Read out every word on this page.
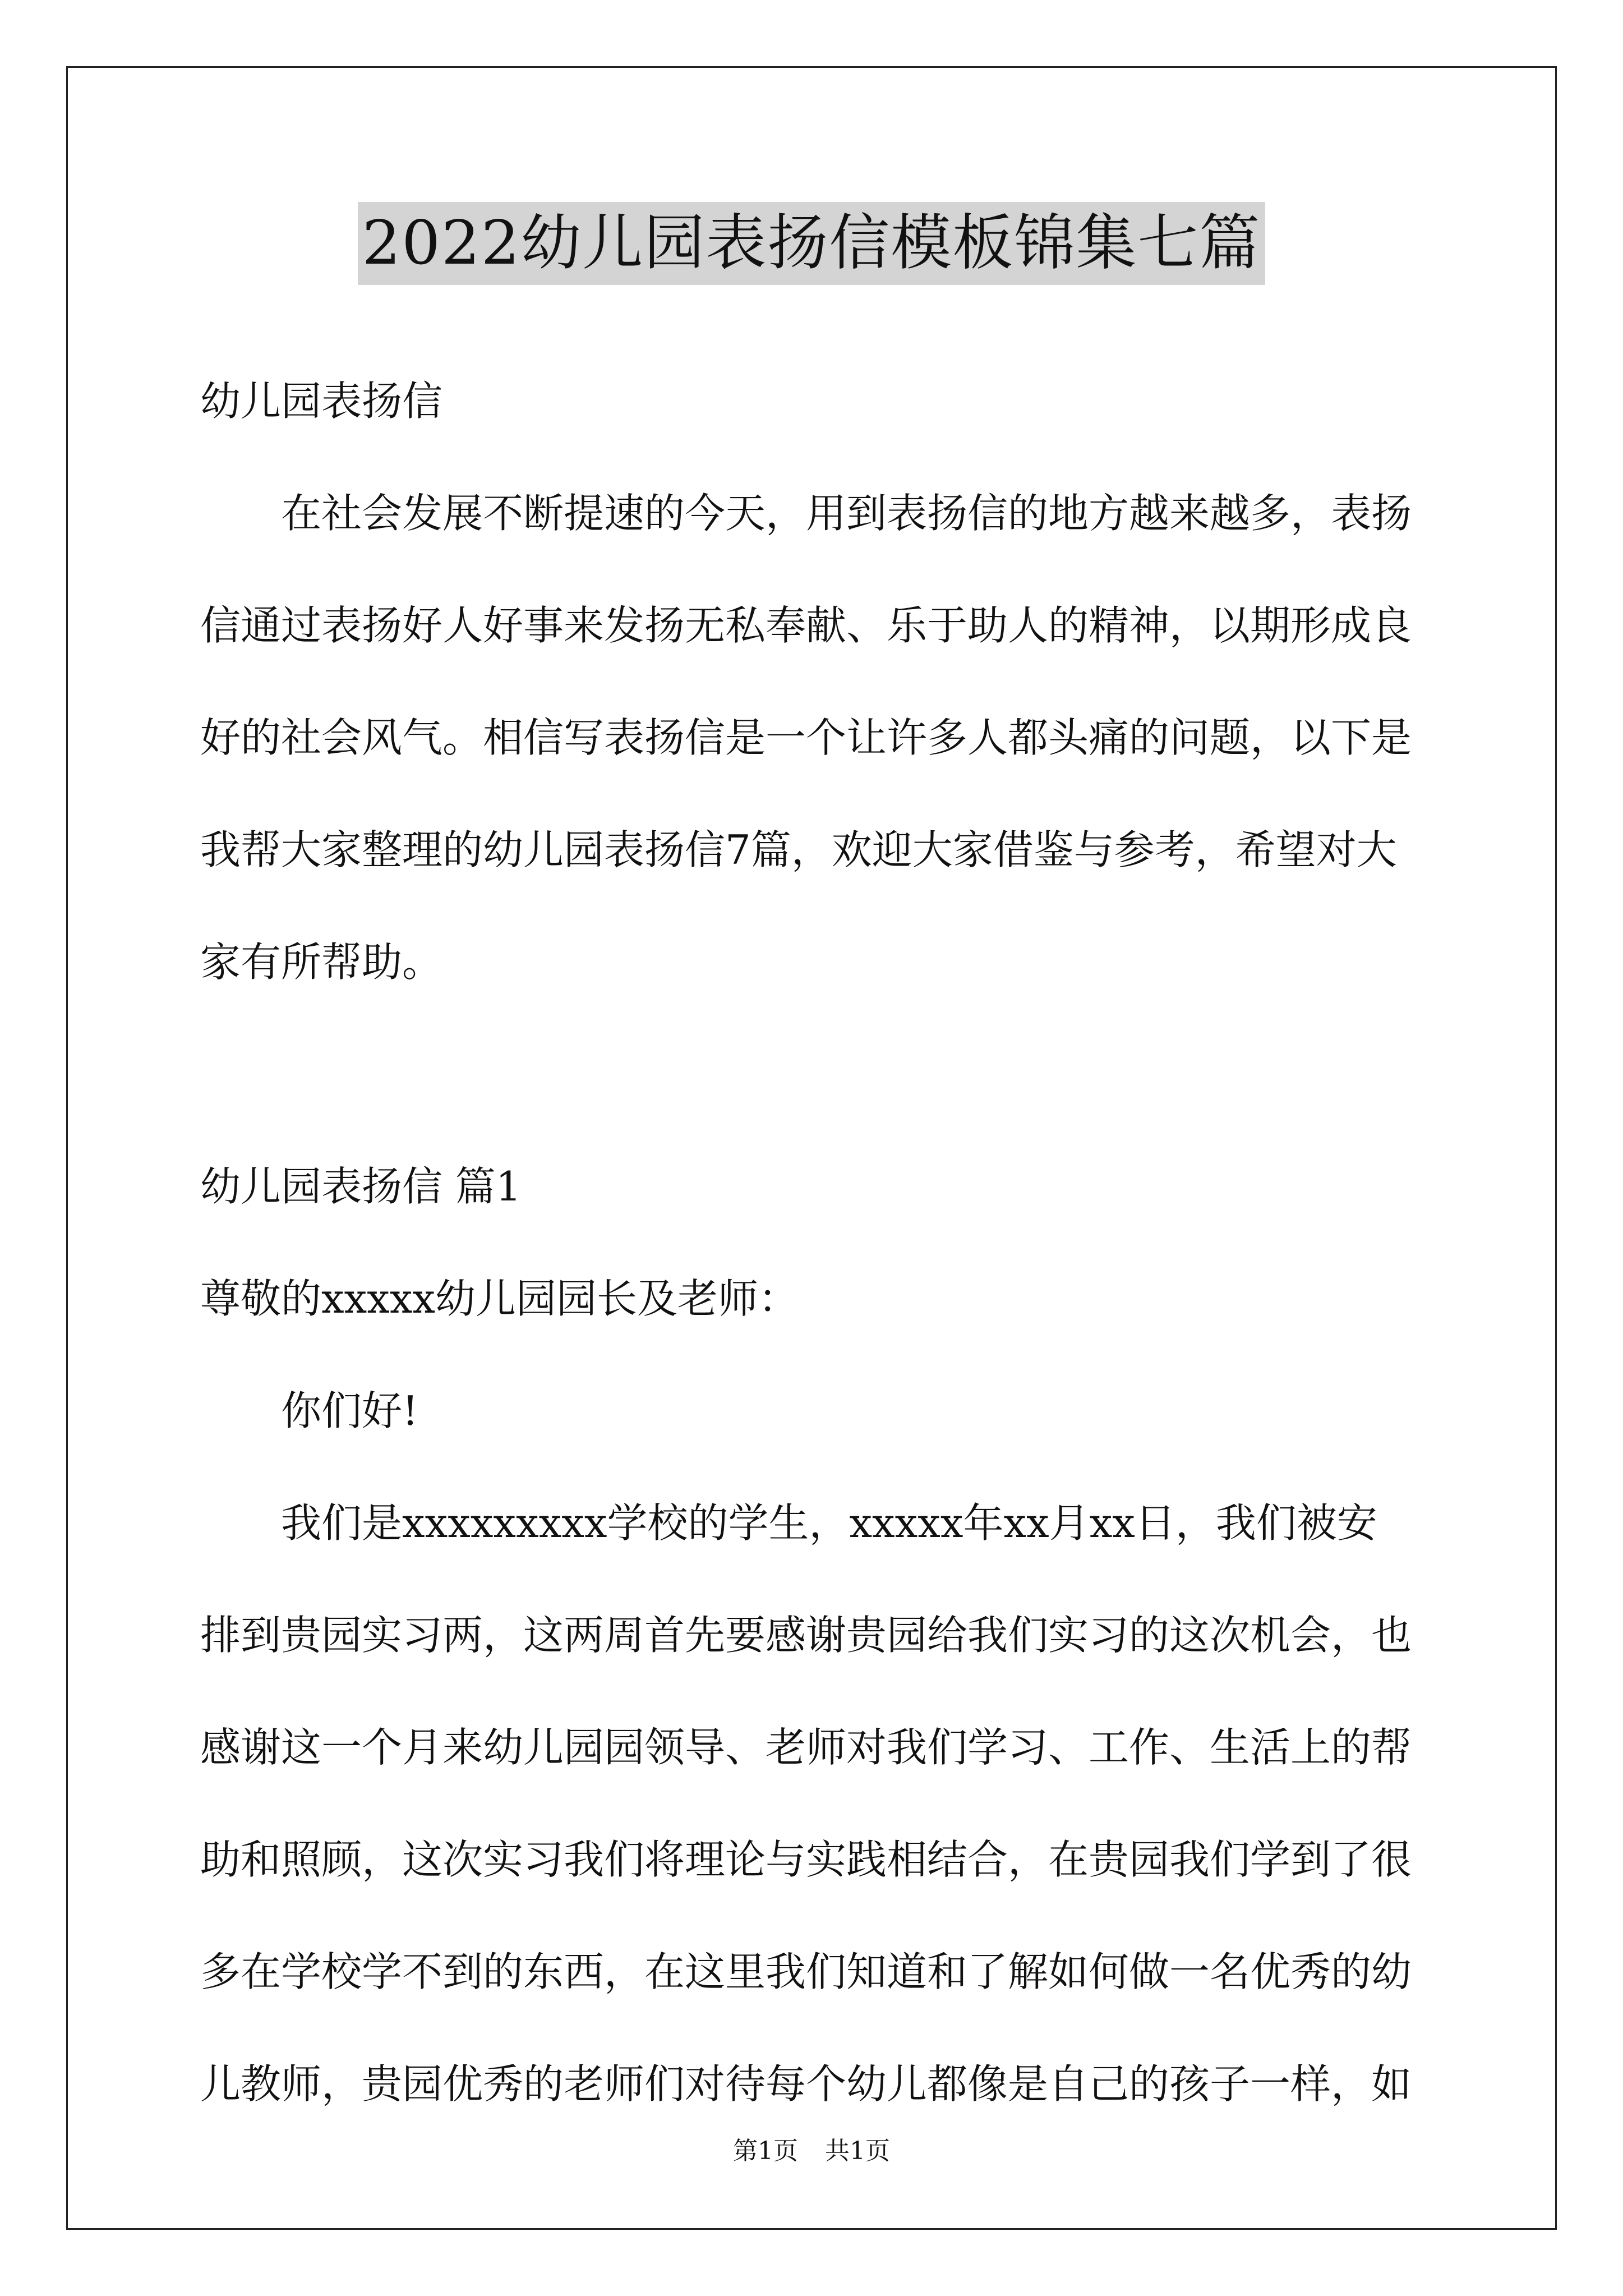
2022幼儿园表扬信模板锦集七篇

幼儿园表扬信

在社会发展不断提速的今天，用到表扬信的地方越来越多，表扬

信通过表扬好人好事来发扬无私奉献、乐于助人的精神，以期形成良

好的社会风气。相信写表扬信是一个让许多人都头痛的问题，以下是

我帮大家整理的幼儿园表扬信7篇，欢迎大家借鉴与参考，希望对大

家有所帮助。

幼儿园表扬信 篇1

尊敬的xxxxx幼儿园园长及老师：

你们好!

我们是xxxxxxxxx学校的学生，xxxxx年xx月xx日，我们被安

排到贵园实习两，这两周首先要感谢贵园给我们实习的这次机会，也

感谢这一个月来幼儿园园领导、老师对我们学习、工作、生活上的帮

助和照顾，这次实习我们将理论与实践相结合，在贵园我们学到了很

多在学校学不到的东西，在这里我们知道和了解如何做一名优秀的幼

儿教师，贵园优秀的老师们对待每个幼儿都像是自己的孩子一样，如

第1页 共1页
